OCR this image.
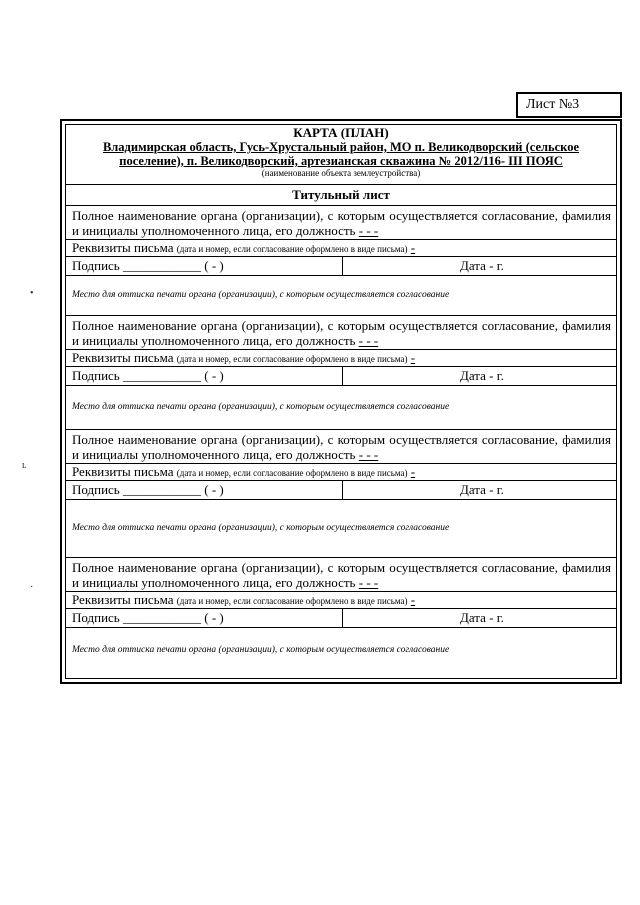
Лист №3
КАРТА (ПЛАН)
Владимирская область, Гусь-Хрустальный район, МО п. Великодворский (сельское поселение), п. Великодворский, артезианская скважина № 2012/116- III ПОЯС
(наименование объекта землеустройства)
Титульный лист
Полное наименование органа (организации), с которым осуществляется согласование, фамилия и инициалы уполномоченного лица, его должность - - -
Реквизиты письма (дата и номер, если согласование оформлено в виде письма) -
Подпись ____________ ( - )	Дата - г.
Место для оттиска печати органа (организации), с которым осуществляется согласование
Полное наименование органа (организации), с которым осуществляется согласование, фамилия и инициалы уполномоченного лица, его должность - - -
Реквизиты письма (дата и номер, если согласование оформлено в виде письма) -
Подпись ____________ ( - )	Дата - г.
Место для оттиска печати органа (организации), с которым осуществляется согласование
Полное наименование органа (организации), с которым осуществляется согласование, фамилия и инициалы уполномоченного лица, его должность - - -
Реквизиты письма (дата и номер, если согласование оформлено в виде письма) -
Подпись ____________ ( - )	Дата - г.
Место для оттиска печати органа (организации), с которым осуществляется согласование
Полное наименование органа (организации), с которым осуществляется согласование, фамилия и инициалы уполномоченного лица, его должность - - -
Реквизиты письма (дата и номер, если согласование оформлено в виде письма) -
Подпись ____________ ( - )	Дата - г.
Место для оттиска печати органа (организации), с которым осуществляется согласование
•
ʟ
·
